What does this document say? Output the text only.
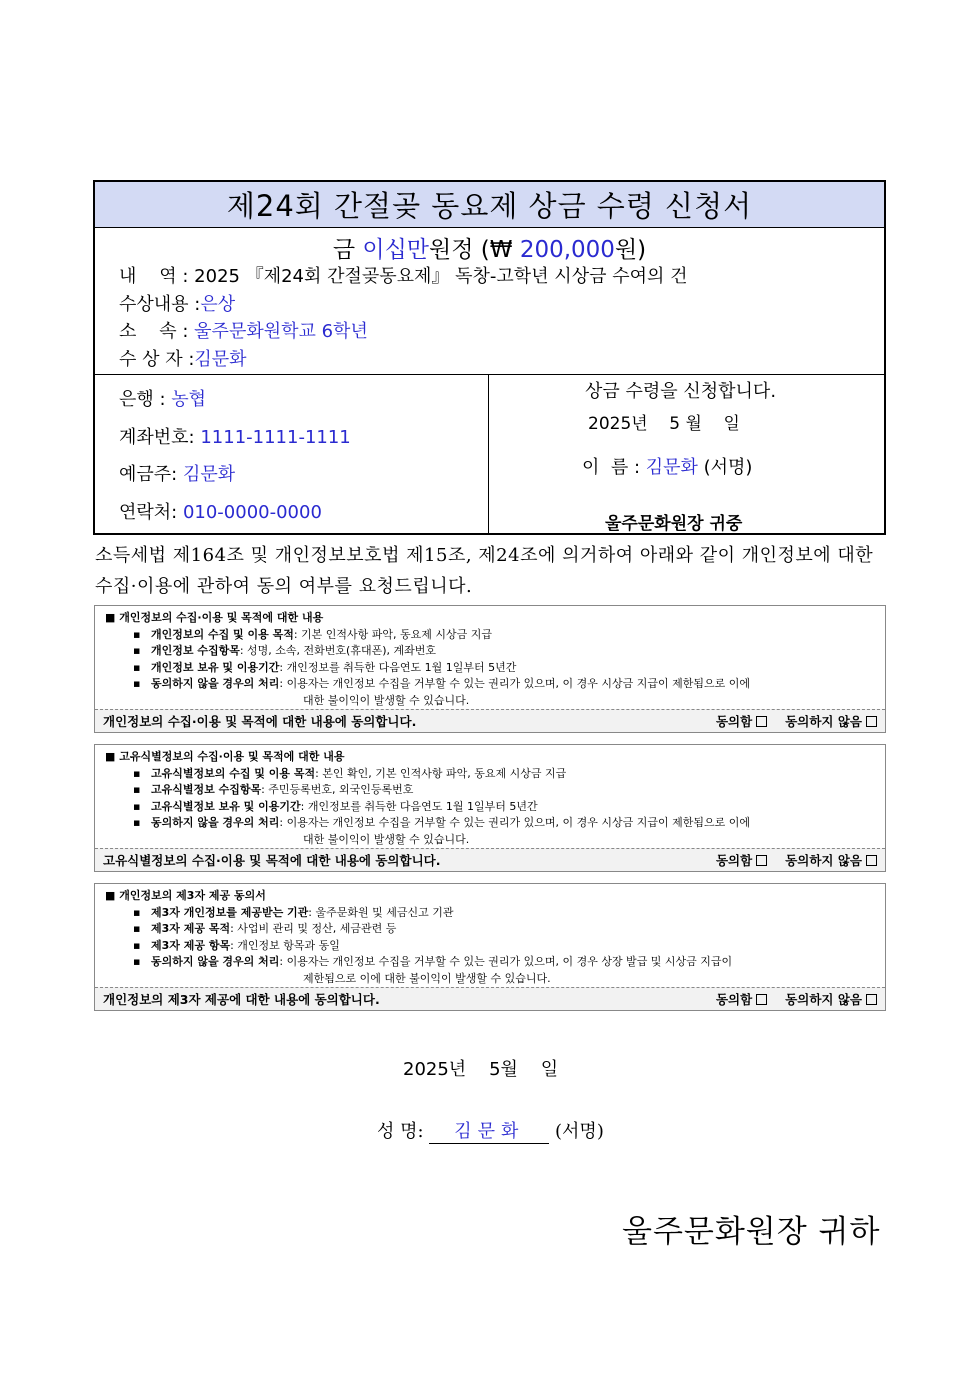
제24회 간절곶 동요제 상금 수령 신청서
금 이십만원정 (₩ 200,000원)
내    역 : 2025 『제24회 간절곶동요제』 독창-고학년 시상금 수여의 건
수상내용 :은상
소    속 : 울주문화원학교 6학년
수 상 자 :김문화
은행 : 농협
계좌번호: 1111-1111-1111
예금주: 김문화
연락처: 010-0000-0000
상금 수령을 신청합니다.
2025년    5 월    일
이  름 : 김문화 (서명)
울주문화원장 귀중
소득세법 제164조 및 개인정보보호법 제15조, 제24조에 의거하여 아래와 같이 개인정보에 대한 수집·이용에 관하여 동의 여부를 요청드립니다.
■ 개인정보의 수집·이용 및 목적에 대한 내용
▪ 개인정보의 수집 및 이용 목적: 기본 인적사항 파악, 동요제 시상금 지급
▪ 개인정보 수집항목: 성명, 소속, 전화번호(휴대폰), 계좌번호
▪ 개인정보 보유 및 이용기간: 개인정보를 취득한 다음연도 1월 1일부터 5년간
▪ 동의하지 않을 경우의 처리: 이용자는 개인정보 수집을 거부할 수 있는 권리가 있으며, 이 경우 시상금 지급이 제한됨으로 이에
대한 불이익이 발생할 수 있습니다.
개인정보의 수집·이용 및 목적에 대한 내용에 동의합니다.	동의함	동의하지 않음
■ 고유식별정보의 수집·이용 및 목적에 대한 내용
▪ 고유식별정보의 수집 및 이용 목적: 본인 확인, 기본 인적사항 파악, 동요제 시상금 지급
▪ 고유식별정보 수집항목: 주민등록번호, 외국인등록번호
▪ 고유식별정보 보유 및 이용기간: 개인정보를 취득한 다음연도 1월 1일부터 5년간
▪ 동의하지 않을 경우의 처리: 이용자는 개인정보 수집을 거부할 수 있는 권리가 있으며, 이 경우 시상금 지급이 제한됨으로 이에
대한 불이익이 발생할 수 있습니다.
고유식별정보의 수집·이용 및 목적에 대한 내용에 동의합니다.	동의함	동의하지 않음
■ 개인정보의 제3자 제공 동의서
▪ 제3자 개인정보를 제공받는 기관: 울주문화원 및 세금신고 기관
▪ 제3자 제공 목적: 사업비 관리 및 정산, 세금관련 등
▪ 제3자 제공 항목: 개인정보 항목과 동일
▪ 동의하지 않을 경우의 처리: 이용자는 개인정보 수집을 거부할 수 있는 권리가 있으며, 이 경우 상장 발급 및 시상금 지급이
제한됨으로 이에 대한 불이익이 발생할 수 있습니다.
개인정보의 제3자 제공에 대한 내용에 동의합니다.	동의함	동의하지 않음
2025년    5월    일
성 명: 김문화 (서명)
울주문화원장 귀하
